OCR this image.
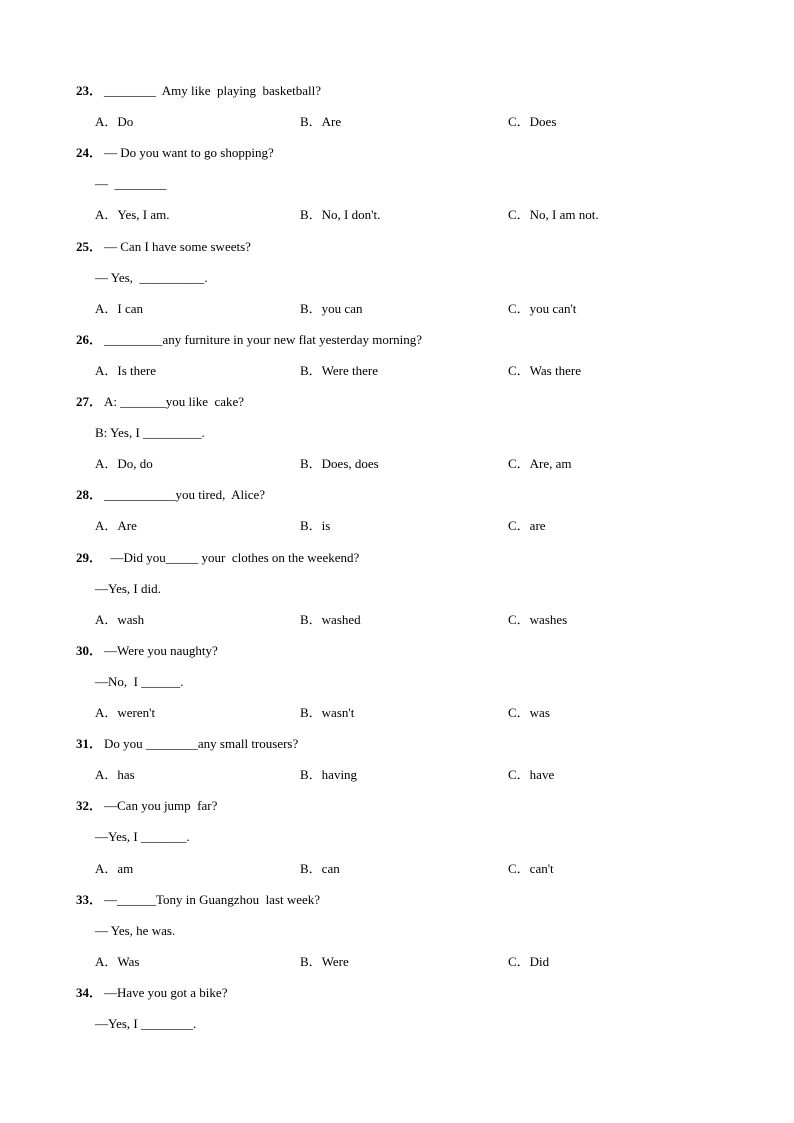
23． ________  Amy like  playing  basketball?
A．Do	B．Are	C．Does
24． — Do you want to go shopping?
—  ________
A．Yes, I am.	B．No, I don't.	C．No, I am not.
25． — Can I have some sweets?
— Yes,  __________.
A．I can	B．you can	C．you can't
26． _________any furniture in your new flat yesterday morning?
A．Is there	B．Were there	C．Was there
27． A: _______you like  cake?
B: Yes, I _________.
A．Do, do	B．Does, does	C．Are, am
28． ___________you tired,  Alice?
A．Are	B．is	C．are
29． —Did you_____ your  clothes on the weekend?
—Yes, I did.
A．wash	B．washed	C．washes
30． —Were you naughty?
—No,  I ______.
A．weren't	B．wasn't	C．was
31． Do you ________any small trousers?
A．has	B．having	C．have
32． —Can you jump  far?
—Yes, I _______.
A．am	B．can	C．can't
33． —______Tony in Guangzhou  last week?
— Yes, he was.
A．Was	B．Were	C．Did
34． —Have you got a bike?
—Yes, I ________.
